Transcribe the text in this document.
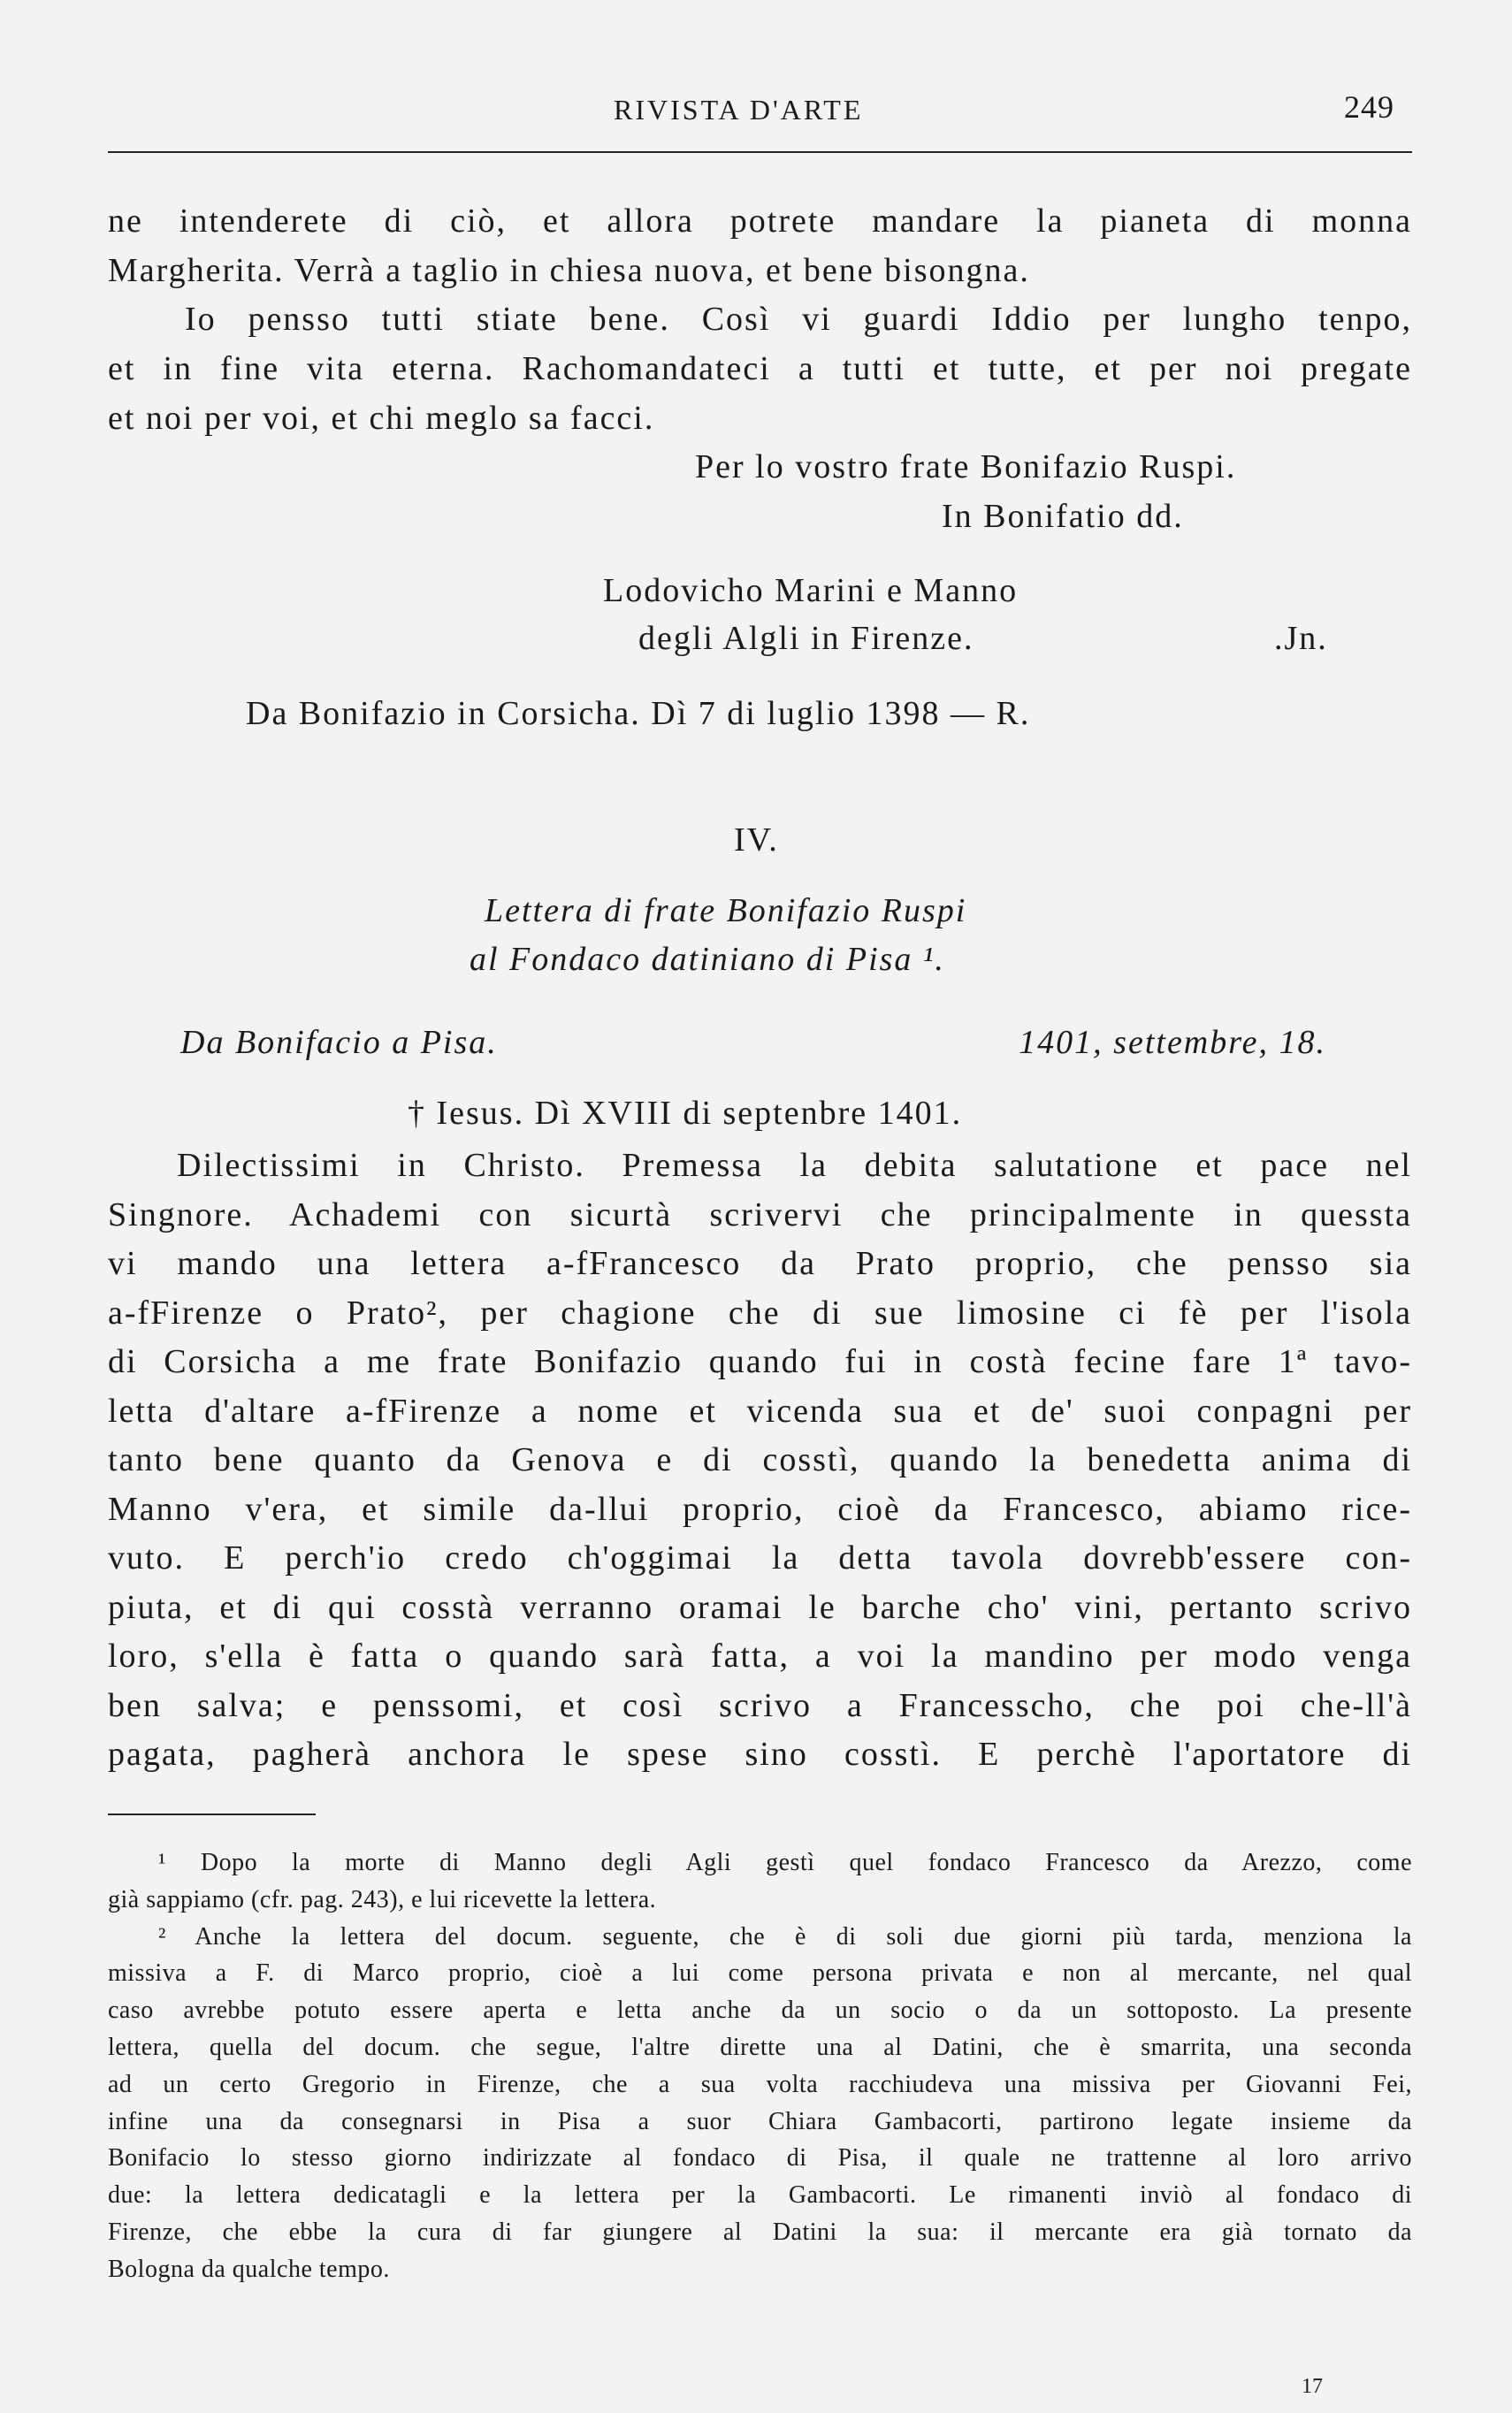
RIVISTA D'ARTE	249
ne intenderete di ciò, et allora potrete mandare la pianeta di monna
Margherita. Verrà a taglio in chiesa nuova, et bene bisongna.
Io pensso tutti stiate bene. Così vi guardi Iddio per lungho tenpo,
et in fine vita eterna. Rachomandateci a tutti et tutte, et per noi pregate
et noi per voi, et chi meglo sa facci.
Per lo vostro frate Bonifazio Ruspi.
In Bonifatio dd.
Lodovicho Marini e Manno
degli Algli in Firenze.	.Jn.
Da Bonifazio in Corsicha. Dì 7 di luglio 1398 — R.
IV.
Lettera di frate Bonifazio Ruspi
al Fondaco datiniano di Pisa ¹.
Da Bonifacio a Pisa.	1401, settembre, 18.
† Iesus. Dì XVIII di septenbre 1401.
Dilectissimi in Christo. Premessa la debita salutatione et pace nel
Singnore. Achademi con sicurtà scrivervi che principalmente in quessta
vi mando una lettera a-fFrancesco da Prato proprio, che pensso sia
a-fFirenze o Prato², per chagione che di sue limosine ci fè per l'isola
di Corsicha a me frate Bonifazio quando fui in costà fecine fare 1ª tavo-
letta d'altare a-fFirenze a nome et vicenda sua et de' suoi conpagni per
tanto bene quanto da Genova e di cosstì, quando la benedetta anima di
Manno v'era, et simile da-llui proprio, cioè da Francesco, abiamo rice-
vuto. E perch'io credo ch'oggimai la detta tavola dovrebb'essere con-
piuta, et di qui cosstà verranno oramai le barche cho' vini, pertanto scrivo
loro, s'ella è fatta o quando sarà fatta, a voi la mandino per modo venga
ben salva; e penssomi, et così scrivo a Francesscho, che poi che-ll'à
pagata, pagherà anchora le spese sino cosstì. E perchè l'aportatore di
¹ Dopo la morte di Manno degli Agli gestì quel fondaco Francesco da Arezzo, come
già sappiamo (cfr. pag. 243), e lui ricevette la lettera.
² Anche la lettera del docum. seguente, che è di soli due giorni più tarda, menziona la
missiva a F. di Marco proprio, cioè a lui come persona privata e non al mercante, nel qual
caso avrebbe potuto essere aperta e letta anche da un socio o da un sottoposto. La presente
lettera, quella del docum. che segue, l'altre dirette una al Datini, che è smarrita, una seconda
ad un certo Gregorio in Firenze, che a sua volta racchiudeva una missiva per Giovanni Fei,
infine una da consegnarsi in Pisa a suor Chiara Gambacorti, partirono legate insieme da
Bonifacio lo stesso giorno indirizzate al fondaco di Pisa, il quale ne trattenne al loro arrivo
due: la lettera dedicatagli e la lettera per la Gambacorti. Le rimanenti inviò al fondaco di
Firenze, che ebbe la cura di far giungere al Datini la sua: il mercante era già tornato da
Bologna da qualche tempo.
17
